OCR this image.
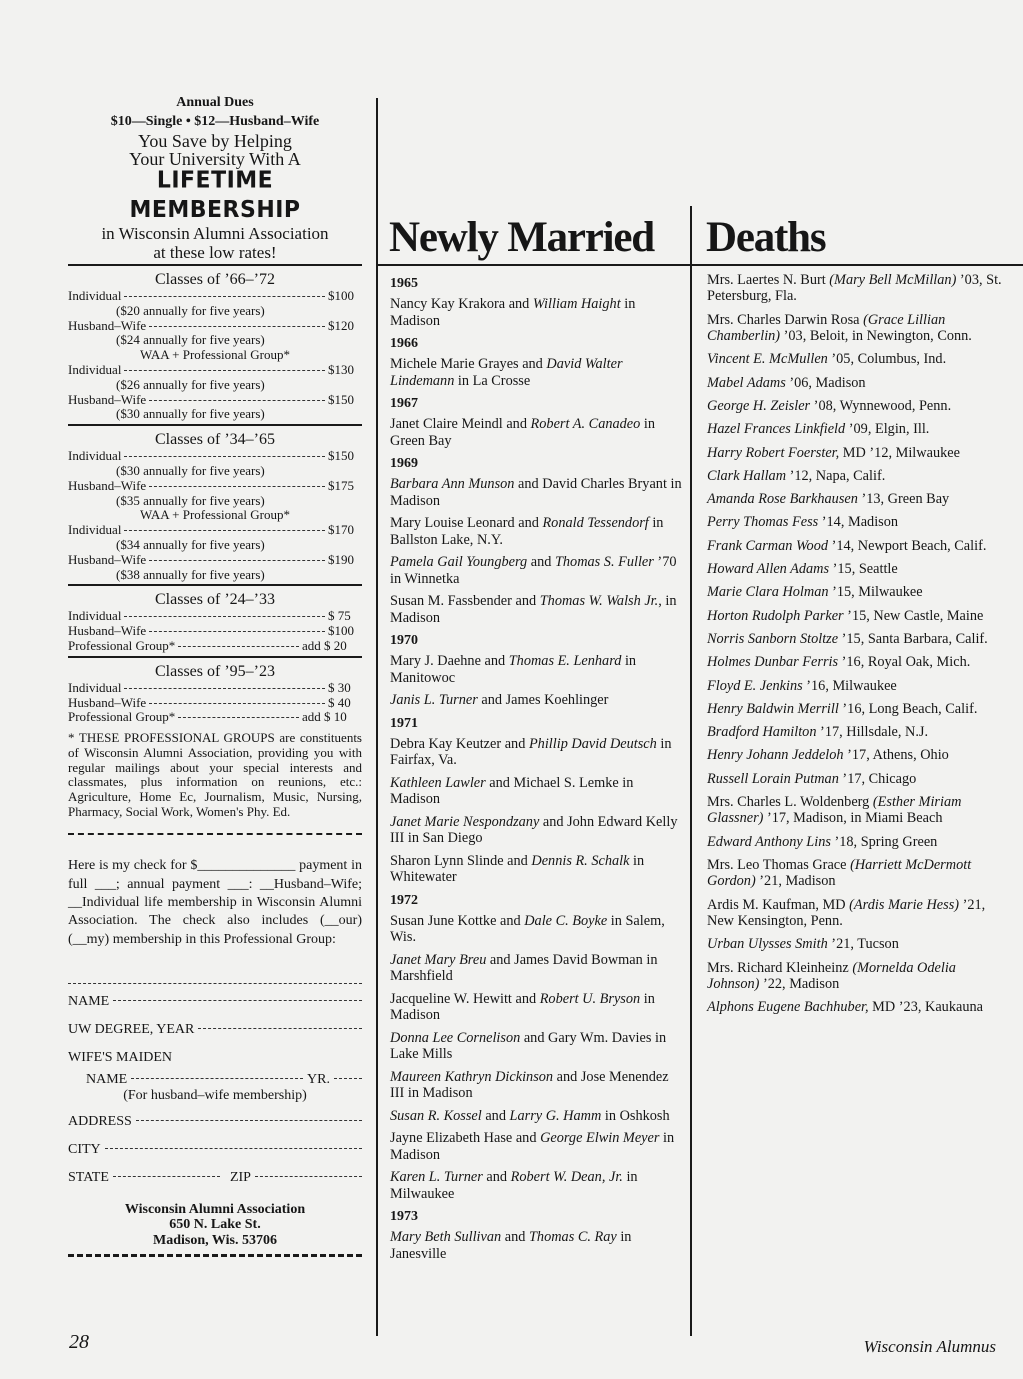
Annual Dues
$10—Single • $12—Husband–Wife
You Save by Helping
Your University With A
LIFETIME MEMBERSHIP
in Wisconsin Alumni Association
at these low rates!
Classes of ’66–’72
Individual	$100
($20 annually for five years)
Husband–Wife	$120
($24 annually for five years)
WAA + Professional Group*
Individual	$130
($26 annually for five years)
Husband–Wife	$150
($30 annually for five years)
Classes of ’34–’65
Individual	$150
($30 annually for five years)
Husband–Wife	$175
($35 annually for five years)
WAA + Professional Group*
Individual	$170
($34 annually for five years)
Husband–Wife	$190
($38 annually for five years)
Classes of ’24–’33
Individual	$ 75
Husband–Wife	$100
Professional Group*	add $ 20
Classes of ’95–’23
Individual	$ 30
Husband–Wife	$ 40
Professional Group*	add $ 10
* THESE PROFESSIONAL GROUPS are constituents of Wisconsin Alumni Association, providing you with regular mailings about your special interests and classmates, plus information on reunions, etc.: Agriculture, Home Ec, Journalism, Music, Nursing, Pharmacy, Social Work, Women's Phy. Ed.
Here is my check for $______________ payment in full ___; annual payment ___: __Husband–Wife; __Individual life membership in Wisconsin Alumni Association. The check also includes (__our) (__my) membership in this Professional Group:
NAME
UW DEGREE, YEAR
WIFE'S MAIDEN
NAME	YR.
(For husband–wife membership)
ADDRESS
CITY
STATE	ZIP
Wisconsin Alumni Association
650 N. Lake St.
Madison, Wis. 53706
Newly Married Deaths
1965
Nancy Kay Krakora and William Haight in Madison
1966
Michele Marie Grayes and David Walter Lindemann in La Crosse
1967
Janet Claire Meindl and Robert A. Canadeo in Green Bay
1969
Barbara Ann Munson and David Charles Bryant in Madison
Mary Louise Leonard and Ronald Tessendorf in Ballston Lake, N.Y.
Pamela Gail Youngberg and Thomas S. Fuller ’70 in Winnetka
Susan M. Fassbender and Thomas W. Walsh Jr., in Madison
1970
Mary J. Daehne and Thomas E. Lenhard in Manitowoc
Janis L. Turner and James Koehlinger
1971
Debra Kay Keutzer and Phillip David Deutsch in Fairfax, Va.
Kathleen Lawler and Michael S. Lemke in Madison
Janet Marie Nespondzany and John Edward Kelly III in San Diego
Sharon Lynn Slinde and Dennis R. Schalk in Whitewater
1972
Susan June Kottke and Dale C. Boyke in Salem, Wis.
Janet Mary Breu and James David Bowman in Marshfield
Jacqueline W. Hewitt and Robert U. Bryson in Madison
Donna Lee Cornelison and Gary Wm. Davies in Lake Mills
Maureen Kathryn Dickinson and Jose Menendez III in Madison
Susan R. Kossel and Larry G. Hamm in Oshkosh
Jayne Elizabeth Hase and George Elwin Meyer in Madison
Karen L. Turner and Robert W. Dean, Jr. in Milwaukee
1973
Mary Beth Sullivan and Thomas C. Ray in Janesville
Mrs. Laertes N. Burt (Mary Bell McMillan) ’03, St. Petersburg, Fla.
Mrs. Charles Darwin Rosa (Grace Lillian Chamberlin) ’03, Beloit, in Newington, Conn.
Vincent E. McMullen ’05, Columbus, Ind.
Mabel Adams ’06, Madison
George H. Zeisler ’08, Wynnewood, Penn.
Hazel Frances Linkfield ’09, Elgin, Ill.
Harry Robert Foerster, MD ’12, Milwaukee
Clark Hallam ’12, Napa, Calif.
Amanda Rose Barkhausen ’13, Green Bay
Perry Thomas Fess ’14, Madison
Frank Carman Wood ’14, Newport Beach, Calif.
Howard Allen Adams ’15, Seattle
Marie Clara Holman ’15, Milwaukee
Horton Rudolph Parker ’15, New Castle, Maine
Norris Sanborn Stoltze ’15, Santa Barbara, Calif.
Holmes Dunbar Ferris ’16, Royal Oak, Mich.
Floyd E. Jenkins ’16, Milwaukee
Henry Baldwin Merrill ’16, Long Beach, Calif.
Bradford Hamilton ’17, Hillsdale, N.J.
Henry Johann Jeddeloh ’17, Athens, Ohio
Russell Lorain Putman ’17, Chicago
Mrs. Charles L. Woldenberg (Esther Miriam Glassner) ’17, Madison, in Miami Beach
Edward Anthony Lins ’18, Spring Green
Mrs. Leo Thomas Grace (Harriett McDermott Gordon) ’21, Madison
Ardis M. Kaufman, MD (Ardis Marie Hess) ’21, New Kensington, Penn.
Urban Ulysses Smith ’21, Tucson
Mrs. Richard Kleinheinz (Mornelda Odelia Johnson) ’22, Madison
Alphons Eugene Bachhuber, MD ’23, Kaukauna
28	Wisconsin Alumnus
